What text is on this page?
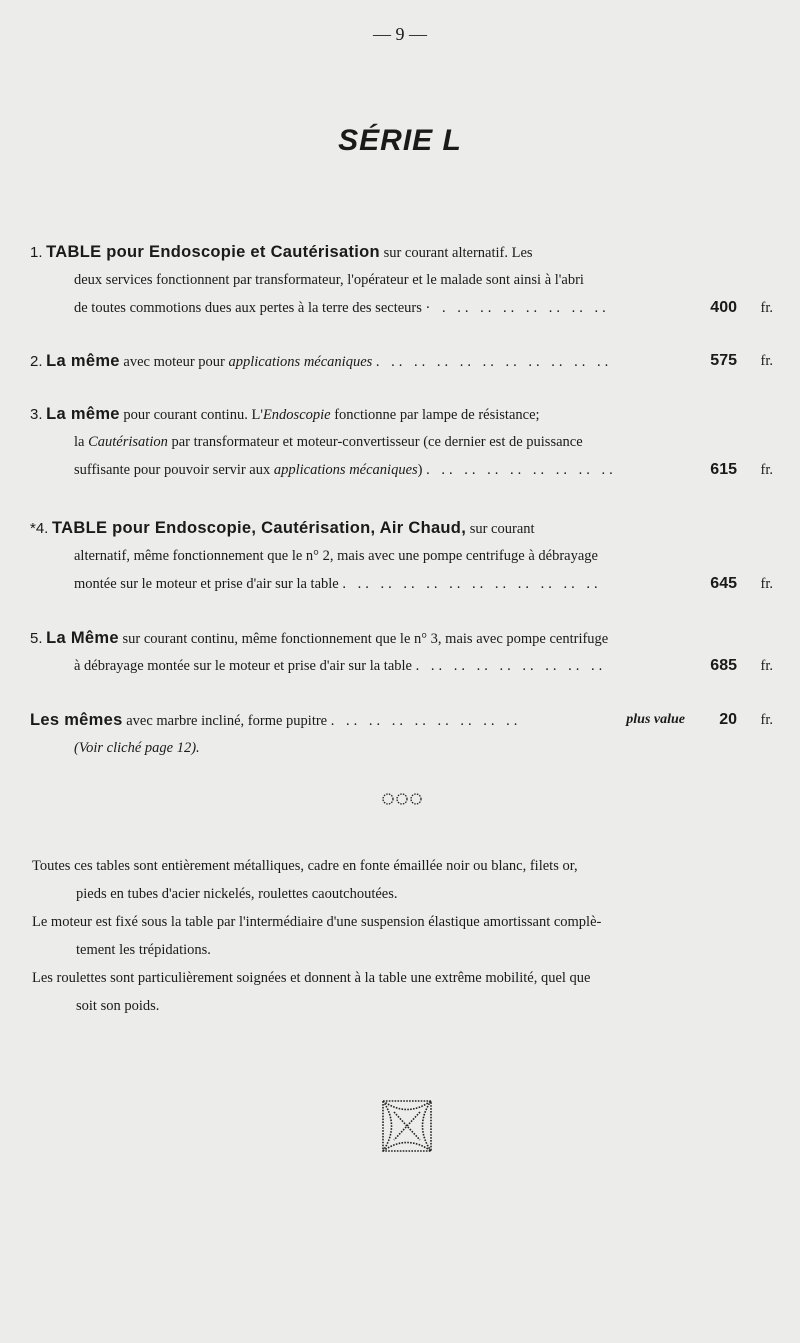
— 9 —
SÉRIE L
1. TABLE pour Endoscopie et Cautérisation sur courant alternatif. Les
deux services fonctionnent par transformateur, l'opérateur et le malade sont ainsi à l'abri
de toutes commotions dues aux pertes à la terre des secteurs · . .. .. .. .. .. .. ..	400 fr.
2. La même avec moteur pour applications mécaniques . .. .. .. .. .. .. .. .. .. ..	575 fr.
3. La même pour courant continu. L'Endoscopie fonctionne par lampe de résistance;
la Cautérisation par transformateur et moteur-convertisseur (ce dernier est de puissance
suffisante pour pouvoir servir aux applications mécaniques) . .. .. .. .. .. .. .. ..	615 fr.
*4. TABLE pour Endoscopie, Cautérisation, Air Chaud, sur courant
alternatif, même fonctionnement que le n° 2, mais avec une pompe centrifuge à débrayage
montée sur le moteur et prise d'air sur la table . .. .. .. .. .. .. .. .. .. .. ..	645 fr.
5. La Même sur courant continu, même fonctionnement que le n° 3, mais avec pompe centrifuge
à débrayage montée sur le moteur et prise d'air sur la table . .. .. .. .. .. .. .. ..	685 fr.
Les mêmes avec marbre incliné, forme pupitre . .. .. .. .. .. .. .. ..	plus value 20 fr.
(Voir cliché page 12).
Toutes ces tables sont entièrement métalliques, cadre en fonte émaillée noir ou blanc, filets or,
pieds en tubes d'acier nickelés, roulettes caoutchoutées.
Le moteur est fixé sous la table par l'intermédiaire d'une suspension élastique amortissant complè-
tement les trépidations.
Les roulettes sont particulièrement soignées et donnent à la table une extrême mobilité, quel que
soit son poids.
